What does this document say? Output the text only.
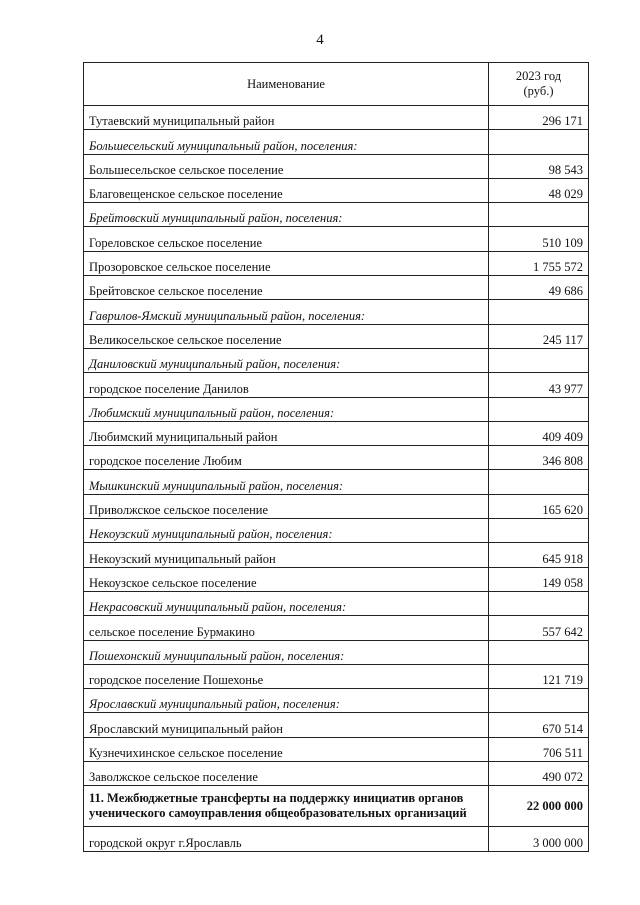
4
Наименование	2023 год
(руб.)

Тутаевский муниципальный район	296 171
Большесельский муниципальный район, поселения:	
Большесельское сельское поселение	98 543
Благовещенское сельское поселение	48 029
Брейтовский муниципальный район, поселения:	
Гореловское сельское поселение	510 109
Прозоровское сельское поселение	1 755 572
Брейтовское сельское поселение	49 686
Гаврилов-Ямский муниципальный район, поселения:	
Великосельское сельское поселение	245 117
Даниловский муниципальный район, поселения:	
городское поселение Данилов	43 977
Любимский муниципальный район, поселения:	
Любимский муниципальный район	409 409
городское поселение Любим	346 808
Мышкинский муниципальный район, поселения:	
Приволжское сельское поселение	165 620
Некоузский муниципальный район, поселения:	
Некоузский муниципальный район	645 918
Некоузское сельское поселение	149 058
Некрасовский муниципальный район, поселения:	
сельское поселение Бурмакино	557 642
Пошехонский муниципальный район, поселения:	
городское поселение Пошехонье	121 719
Ярославский муниципальный район, поселения:	
Ярославский муниципальный район	670 514
Кузнечихинское сельское поселение	706 511
Заволжское сельское поселение	490 072
11. Межбюджетные трансферты на поддержку инициатив органов ученического самоуправления общеобразовательных организаций	22 000 000
городской округ г.Ярославль	3 000 000
